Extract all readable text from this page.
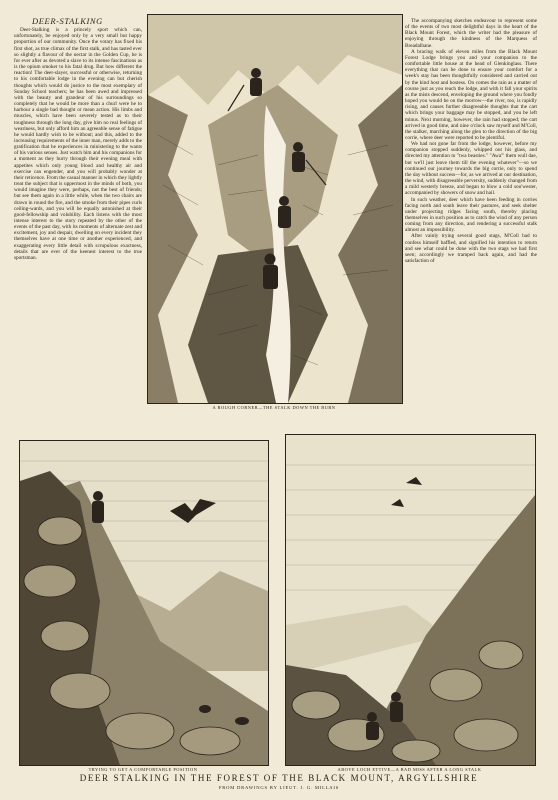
DEER-STALKING

Deer-Stalking is a princely sport which can, unfortunately, be enjoyed only by a very small but happy proportion of our community. Once the votary has fixed his first shot, as true climax of the first stalk, and has tasted ever so slightly a flavour of the nectar in the Golden Cup, he is for ever after as devoted a slave to its intense fascinations as is the opium smoker to his fatal drug. But how different the reaction! The deer-slayer, successful or otherwise, returning to his comfortable lodge in the evening can but cherish thoughts which would do justice to the most exemplary of Sunday School teachers; he has been awed and impressed with the beauty and grandeur of his surroundings so completely that he would be more than a churl were he to harbour a single bad thought or mean action. His limbs and muscles, which have been severely tested as to their toughness through the long day, give him no real feelings of weariness, but only afford him an agreeable sense of fatigue he would hardly wish to be without; and this, added to the increasing requirements of the inner man, merely adds to the gratification that he experiences in ministering to the wants of his various senses. Just watch him and his companions for a moment as they hurry through their evening meal with appetites which only young blood and healthy air and exercise can engender, and you will probably wonder at their reticence. From the casual manner in which they lightly treat the subject that is uppermost in the minds of both, you would imagine they were, perhaps, not the best of friends; but see them again in a little while, when the two chairs are drawn in round the fire, and the smoke from their pipes curls ceiling-wards, and you will be equally astonished at their good-fellowship and volubility. Each listens with the most intense interest to the story repeated by the other of the events of the past day, with its moments of alternate zest and excitement, joy and despair, dwelling on every incident they themselves have at one time or another experienced, and exaggerating every little detail with scrupulous exactness, details that are ever of the keenest interest to the true sportsman.

A ROUGH CORNER—THE STALK DOWN THE BURN

The accompanying sketches endeavour to represent some of the events of two most delightful days in the heart of the Black Mount Forest, which the writer had the pleasure of enjoying through the kindness of the Marquess of Breadalbane.

A bracing walk of eleven miles from the Black Mount Forest Lodge brings you and your companion to the comfortable little house at the head of Glenkinglass. There everything that can be done to ensure your comfort for a week's stay has been thoughtfully considered and carried out by the kind host and hostess. On comes the rain as a matter of course just as you reach the lodge, and with it fall your spirits as the mists descend, enveloping the ground where you fondly hoped you would be on the morrow—the river, too, is rapidly rising, and causes further disagreeable thoughts that the cart which brings your baggage may be stopped, and you be left minus. Next morning, however, the rain had stopped; the cart arrived in good time, and nine o'clock saw myself and M'Coll, the stalker, marching along the glen to the direction of the big corrie, where deer were reported to be plentiful.

We had not gone far from the lodge, however, before my companion stopped suddenly, whipped out his glass, and directed my attention to "twa beasties." "Awa'" them wull dae, but we'll just leave them till the evening whatever"—so we continued our journey towards the big corrie, only to spend the day without success—for, as we arrived at our destination, the wind, with disagreeable perversity, suddenly changed from a mild westerly breeze, and began to blow a cold sou'wester, accompanied by showers of snow and hail.

In such weather, deer which have been feeding in corries facing north and south leave their pastures, and seek shelter under projecting ridges facing south, thereby placing themselves in such position as to catch the wind of any person coming from any direction, and rendering a successful stalk almost an impossibility.

After vainly trying several good stags, M'Coll had to confess himself baffled, and signified his intention to return and see what could be done with the two stags we had first seen; accordingly we tramped back again, and had the satisfaction of

TRYING TO GET A COMFORTABLE POSITION	ABOVE LOCH ETTIVE—A BAD MISS AFTER A LONG STALK
DEER STALKING IN THE FOREST OF THE BLACK MOUNT, ARGYLLSHIRE
FROM DRAWINGS BY LIEUT. J. G. MILLAIS
